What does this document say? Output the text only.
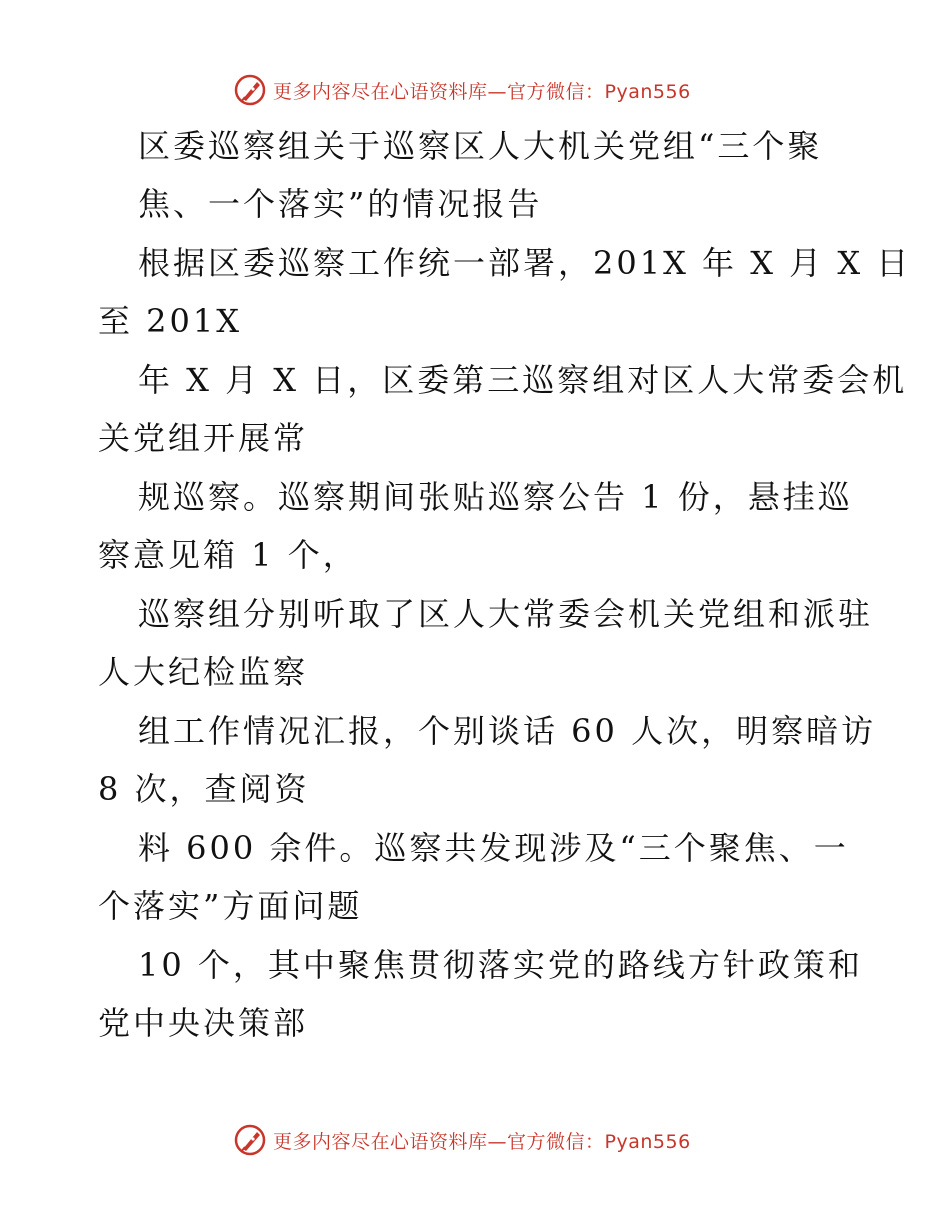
更多内容尽在心语资料库—官方微信：Pyan556
区委巡察组关于巡察区人大机关党组“三个聚
焦、一个落实”的情况报告
根据区委巡察工作统一部署，201X 年 X 月 X 日
至 201X
年 X 月 X 日，区委第三巡察组对区人大常委会机
关党组开展常
规巡察。巡察期间张贴巡察公告 1 份，悬挂巡
察意见箱 1 个，
巡察组分别听取了区人大常委会机关党组和派驻
人大纪检监察
组工作情况汇报，个别谈话 60 人次，明察暗访
8 次，查阅资
料 600 余件。巡察共发现涉及“三个聚焦、一
个落实”方面问题
10 个，其中聚焦贯彻落实党的路线方针政策和
党中央决策部
更多内容尽在心语资料库—官方微信：Pyan556
